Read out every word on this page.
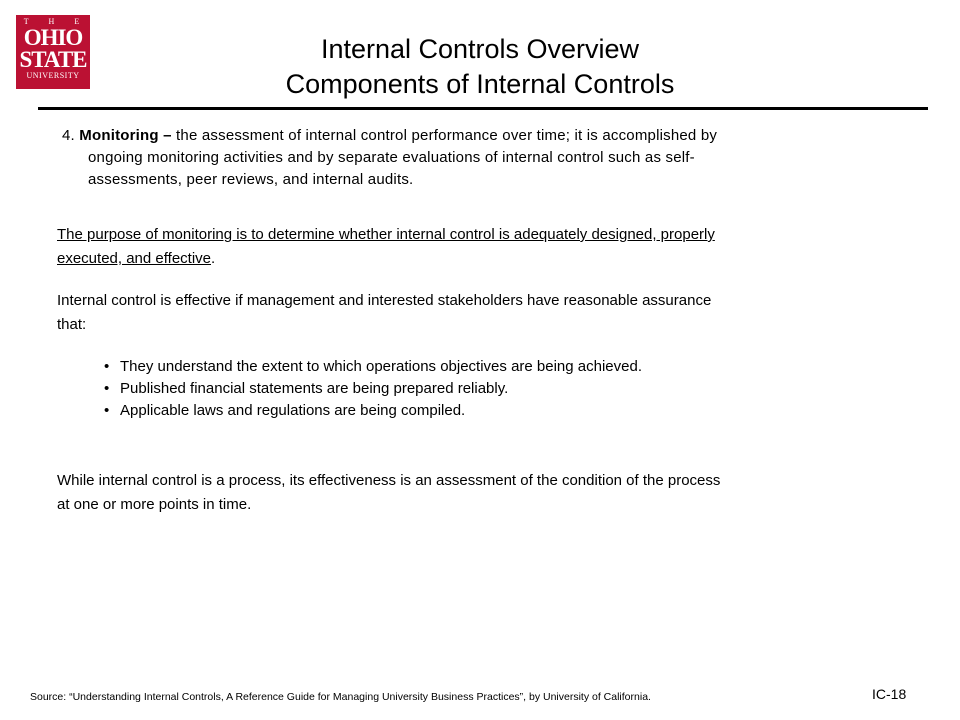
T H E
OHIO
STATE
UNIVERSITY
Internal Controls Overview
Components of Internal Controls
4. Monitoring – the assessment of internal control performance over time; it is accomplished by
ongoing monitoring activities and by separate evaluations of internal control such as self-
assessments, peer reviews, and internal audits.
The purpose of monitoring is to determine whether internal control is adequately designed, properly
executed, and effective.
Internal control is effective if management and interested stakeholders have reasonable assurance
that:
• They understand the extent to which operations objectives are being achieved.
• Published financial statements are being prepared reliably.
• Applicable laws and regulations are being compiled.
While internal control is a process, its effectiveness is an assessment of the condition of the process
at one or more points in time.
Source: “Understanding Internal Controls, A Reference Guide for Managing University Business Practices”, by University of California.	IC-18
